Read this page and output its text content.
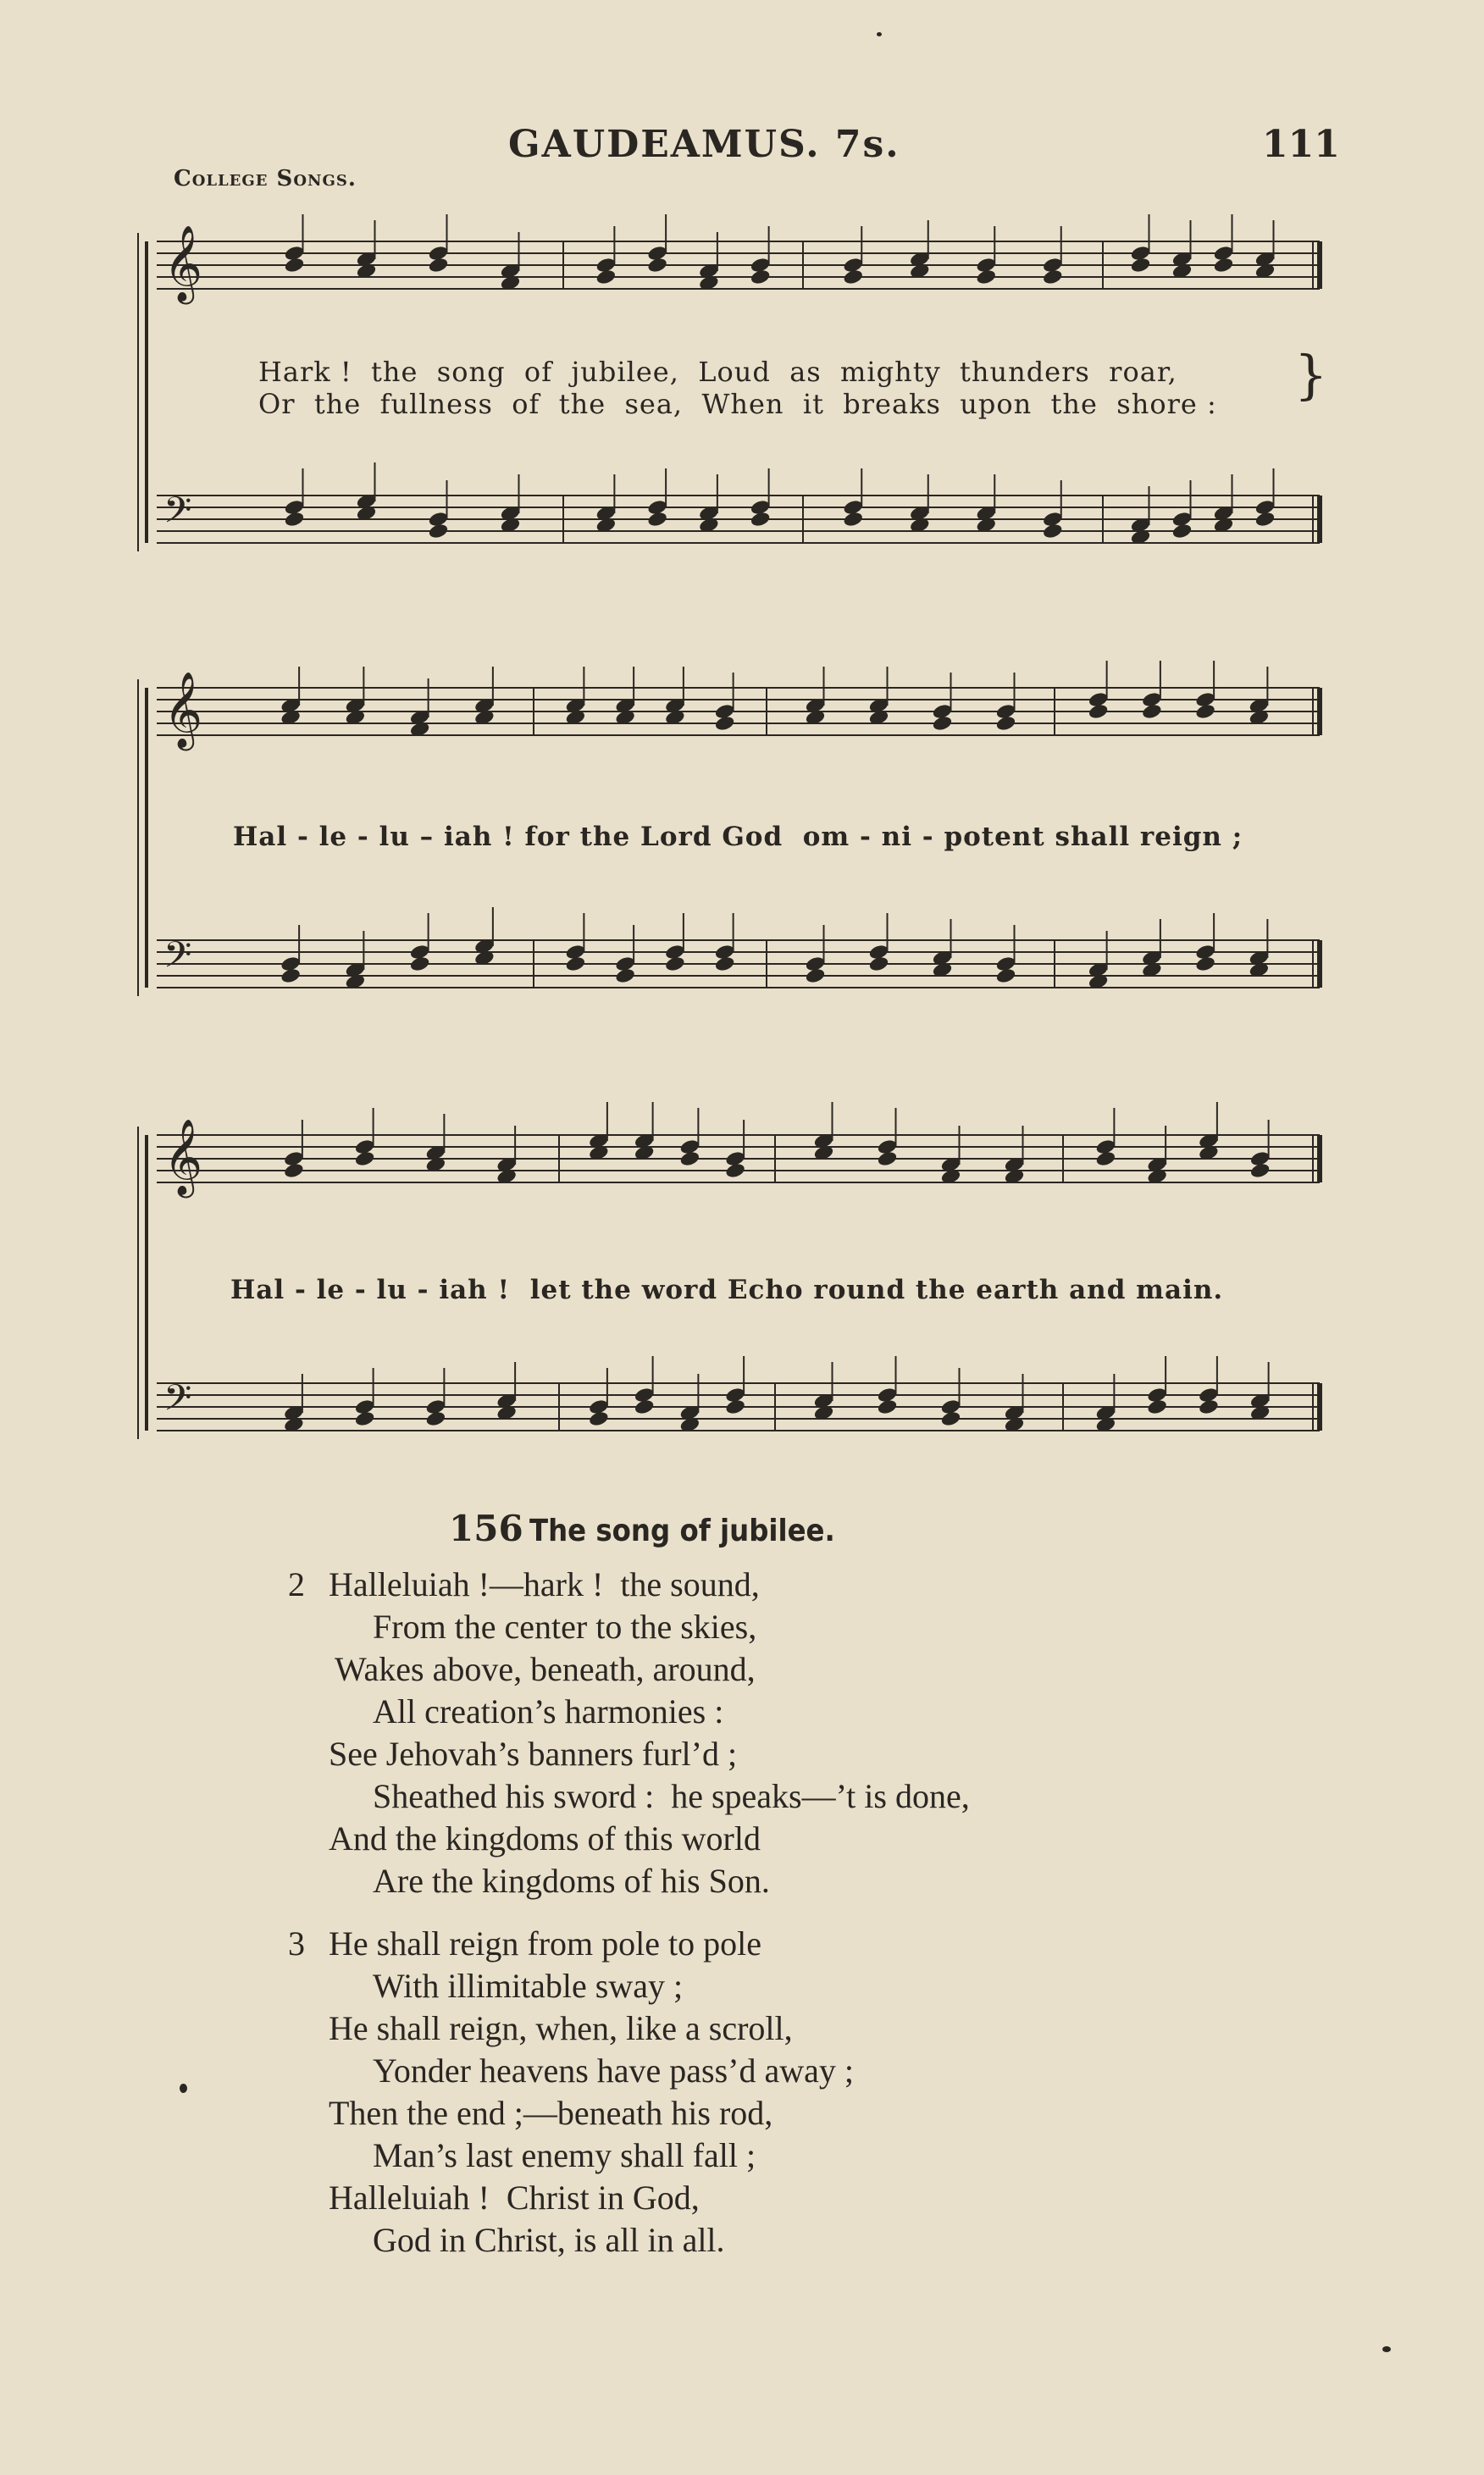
GAUDEAMUS. 7s.	111
College Songs.
𝄞
𝄢
𝄞
𝄢
𝄞
𝄢
Hark !  the  song  of  jubilee,  Loud  as  mighty  thunders  roar,
Or  the  fullness  of  the  sea,  When  it  breaks  upon  the  shore : }
Hal - le - lu – iah ! for the Lord God  om - ni - potent shall reign ;
Hal - le - lu - iah !  let the word Echo round the earth and main.
156 The song of jubilee.
2 Halleluiah !—hark !  the sound,
From the center to the skies,
Wakes above, beneath, around,
All creation’s harmonies :
See Jehovah’s banners furl’d ;
Sheathed his sword :  he speaks—’t is done,
And the kingdoms of this world
Are the kingdoms of his Son.
3 He shall reign from pole to pole
With illimitable sway ;
He shall reign, when, like a scroll,
Yonder heavens have pass’d away ;
Then the end ;—beneath his rod,
Man’s last enemy shall fall ;
Halleluiah !  Christ in God,
God in Christ, is all in all.
